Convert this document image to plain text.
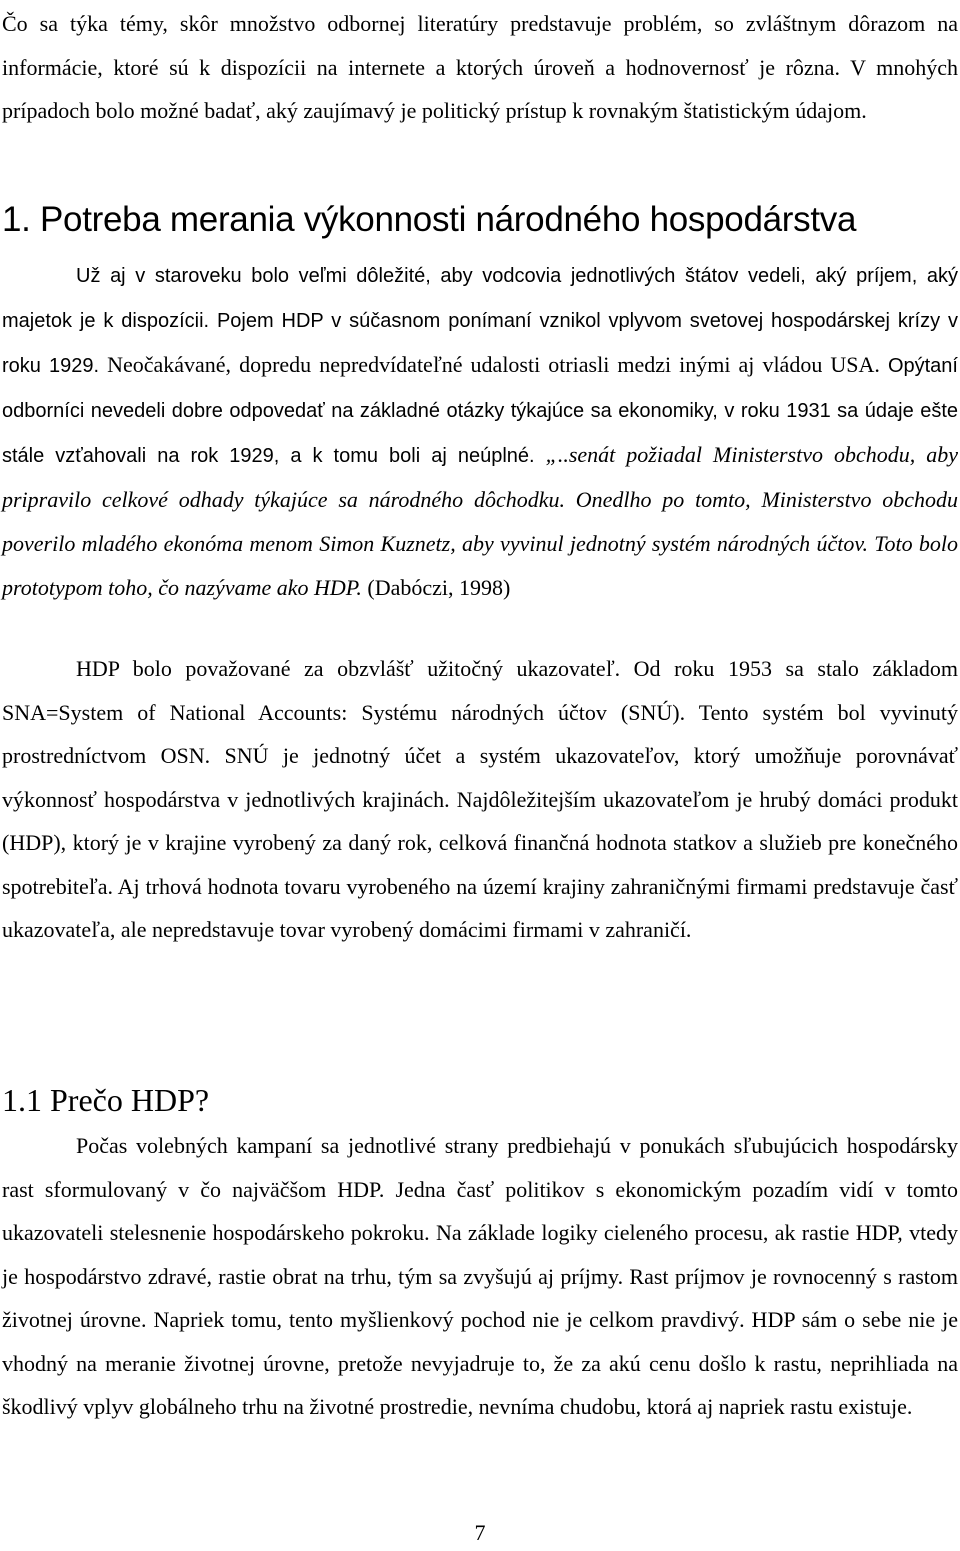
Čo sa týka témy, skôr množstvo odbornej literatúry predstavuje problém, so zvláštnym dôrazom na informácie, ktoré sú k dispozícii na internete a ktorých úroveň a hodnovernosť je rôzna. V mnohých prípadoch bolo možné badať, aký zaujímavý je politický prístup k rovnakým štatistickým údajom.

1. Potreba merania výkonnosti národného hospodárstva

Už aj v staroveku bolo veľmi dôležité, aby vodcovia jednotlivých štátov vedeli, aký príjem, aký majetok je k dispozícii. Pojem HDP v súčasnom ponímaní vznikol vplyvom svetovej hospodárskej krízy v roku 1929. Neočakávané, dopredu nepredvídateľné udalosti otriasli medzi inými aj vládou USA. Opýtaní odborníci nevedeli dobre odpovedať na základné otázky týkajúce sa ekonomiky, v roku 1931 sa údaje ešte stále vzťahovali na rok 1929, a k tomu boli aj neúplné. „..senát požiadal Ministerstvo obchodu, aby pripravilo celkové odhady týkajúce sa národného dôchodku. Onedlho po tomto, Ministerstvo obchodu poverilo mladého ekonóma menom Simon Kuznetz, aby vyvinul jednotný systém národných účtov. Toto bolo prototypom toho, čo nazývame ako HDP. (Dabóczi, 1998)

HDP bolo považované za obzvlášť užitočný ukazovateľ. Od roku 1953 sa stalo základom SNA=System of National Accounts: Systému národných účtov (SNÚ). Tento systém bol vyvinutý prostredníctvom OSN. SNÚ je jednotný účet a systém ukazovateľov, ktorý umožňuje porovnávať výkonnosť hospodárstva v jednotlivých krajinách. Najdôležitejším ukazovateľom je hrubý domáci produkt (HDP), ktorý je v krajine vyrobený za daný rok, celková finančná hodnota statkov a služieb pre konečného spotrebiteľa. Aj trhová hodnota tovaru vyrobeného na území krajiny zahraničnými firmami predstavuje časť ukazovateľa, ale nepredstavuje tovar vyrobený domácimi firmami v zahraničí.

1.1 Prečo HDP?

Počas volebných kampaní sa jednotlivé strany predbiehajú v ponukách sľubujúcich hospodársky rast sformulovaný v čo najväčšom HDP. Jedna časť politikov s ekonomickým pozadím vidí v tomto ukazovateli stelesnenie hospodárskeho pokroku. Na základe logiky cieleného procesu, ak rastie HDP, vtedy je hospodárstvo zdravé, rastie obrat na trhu, tým sa zvyšujú aj príjmy. Rast príjmov je rovnocenný s rastom životnej úrovne. Napriek tomu, tento myšlienkový pochod nie je celkom pravdivý. HDP sám o sebe nie je vhodný na meranie životnej úrovne, pretože nevyjadruje to, že za akú cenu došlo k rastu, neprihliada na škodlivý vplyv globálneho trhu na životné prostredie, nevníma chudobu, ktorá aj napriek rastu existuje.

7
